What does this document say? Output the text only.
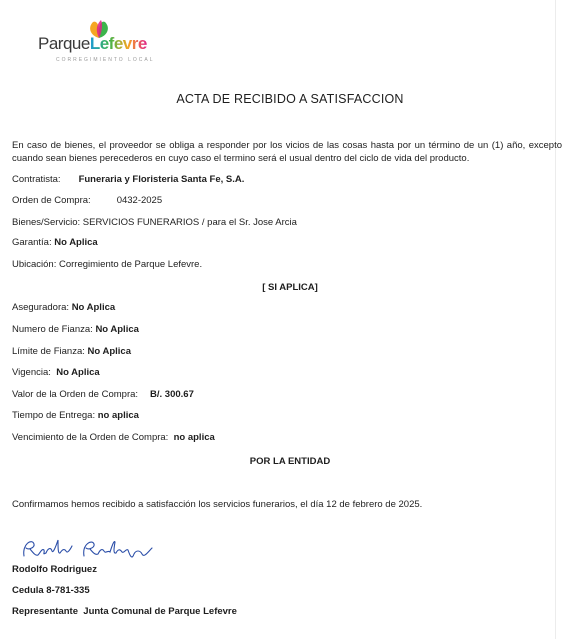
ParqueLefevre
CORREGIMIENTO LOCAL
ACTA DE RECIBIDO A SATISFACCION
En caso de bienes, el proveedor se obliga a responder por los vicios de las cosas hasta por un término de un (1) año, excepto cuando sean bienes perecederos en cuyo caso el termino será el usual dentro del ciclo de vida del producto.
Contratista: Funeraria y Floristeria Santa Fe, S.A.
Orden de Compra:	0432-2025
Bienes/Servicio: SERVICIOS FUNERARIOS / para el Sr. Jose Arcia
Garantía: No Aplica
Ubicación: Corregimiento de Parque Lefevre.
[ SI APLICA]
Aseguradora: No Aplica
Numero de Fianza: No Aplica
Límite de Fianza: No Aplica
Vigencia: No Aplica
Valor de la Orden de Compra: B/. 300.67
Tiempo de Entrega: no aplica
Vencimiento de la Orden de Compra: no aplica
POR LA ENTIDAD
Confirmamos hemos recibido a satisfacción los servicios funerarios, el día 12 de febrero de 2025.
Rodolfo Rodriguez
Cedula 8-781-335
Representante Junta Comunal de Parque Lefevre
